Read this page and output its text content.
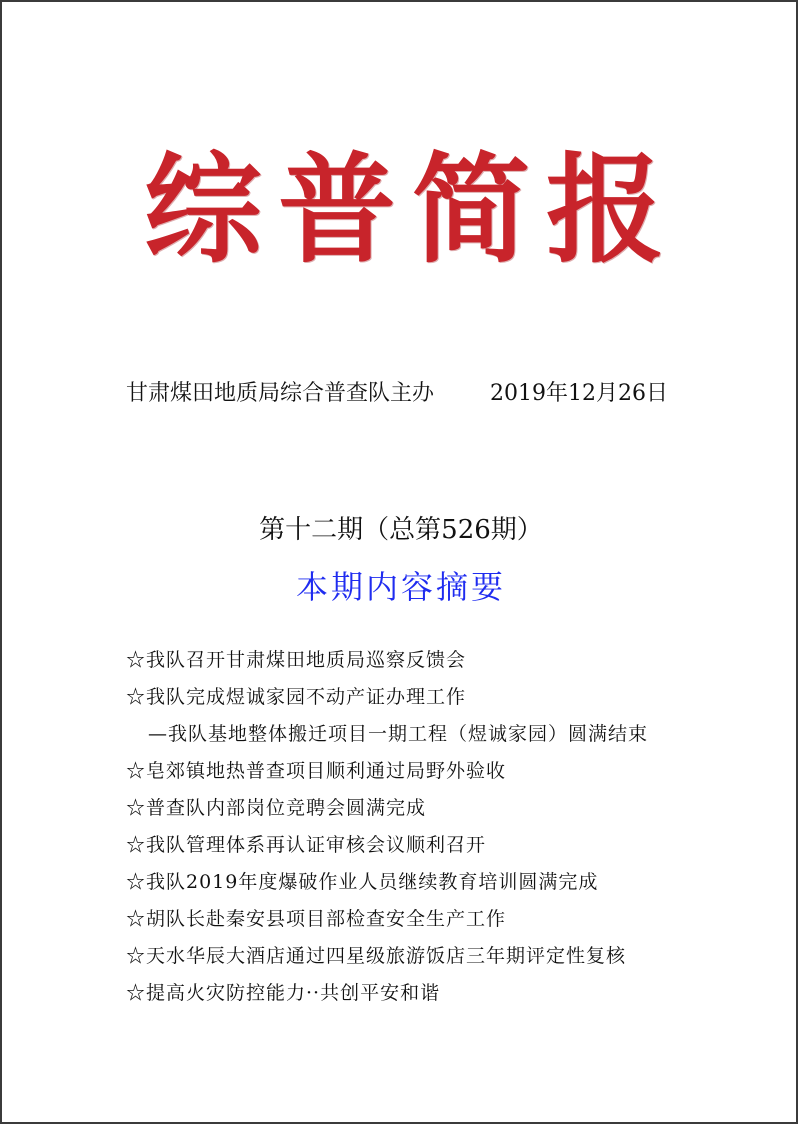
综 普 简 报
甘肃煤田地质局综合普查队主办	2019年12月26日
第十二期（总第526期）
本期内容摘要
☆我队召开甘肃煤田地质局巡察反馈会
☆我队完成煜诚家园不动产证办理工作
—我队基地整体搬迁项目一期工程（煜诚家园）圆满结束
☆皂郊镇地热普查项目顺利通过局野外验收
☆普查队内部岗位竞聘会圆满完成
☆我队管理体系再认证审核会议顺利召开
☆我队2019年度爆破作业人员继续教育培训圆满完成
☆胡队长赴秦安县项目部检查安全生产工作
☆天水华辰大酒店通过四星级旅游饭店三年期评定性复核
☆提高火灾防控能力··共创平安和谐
